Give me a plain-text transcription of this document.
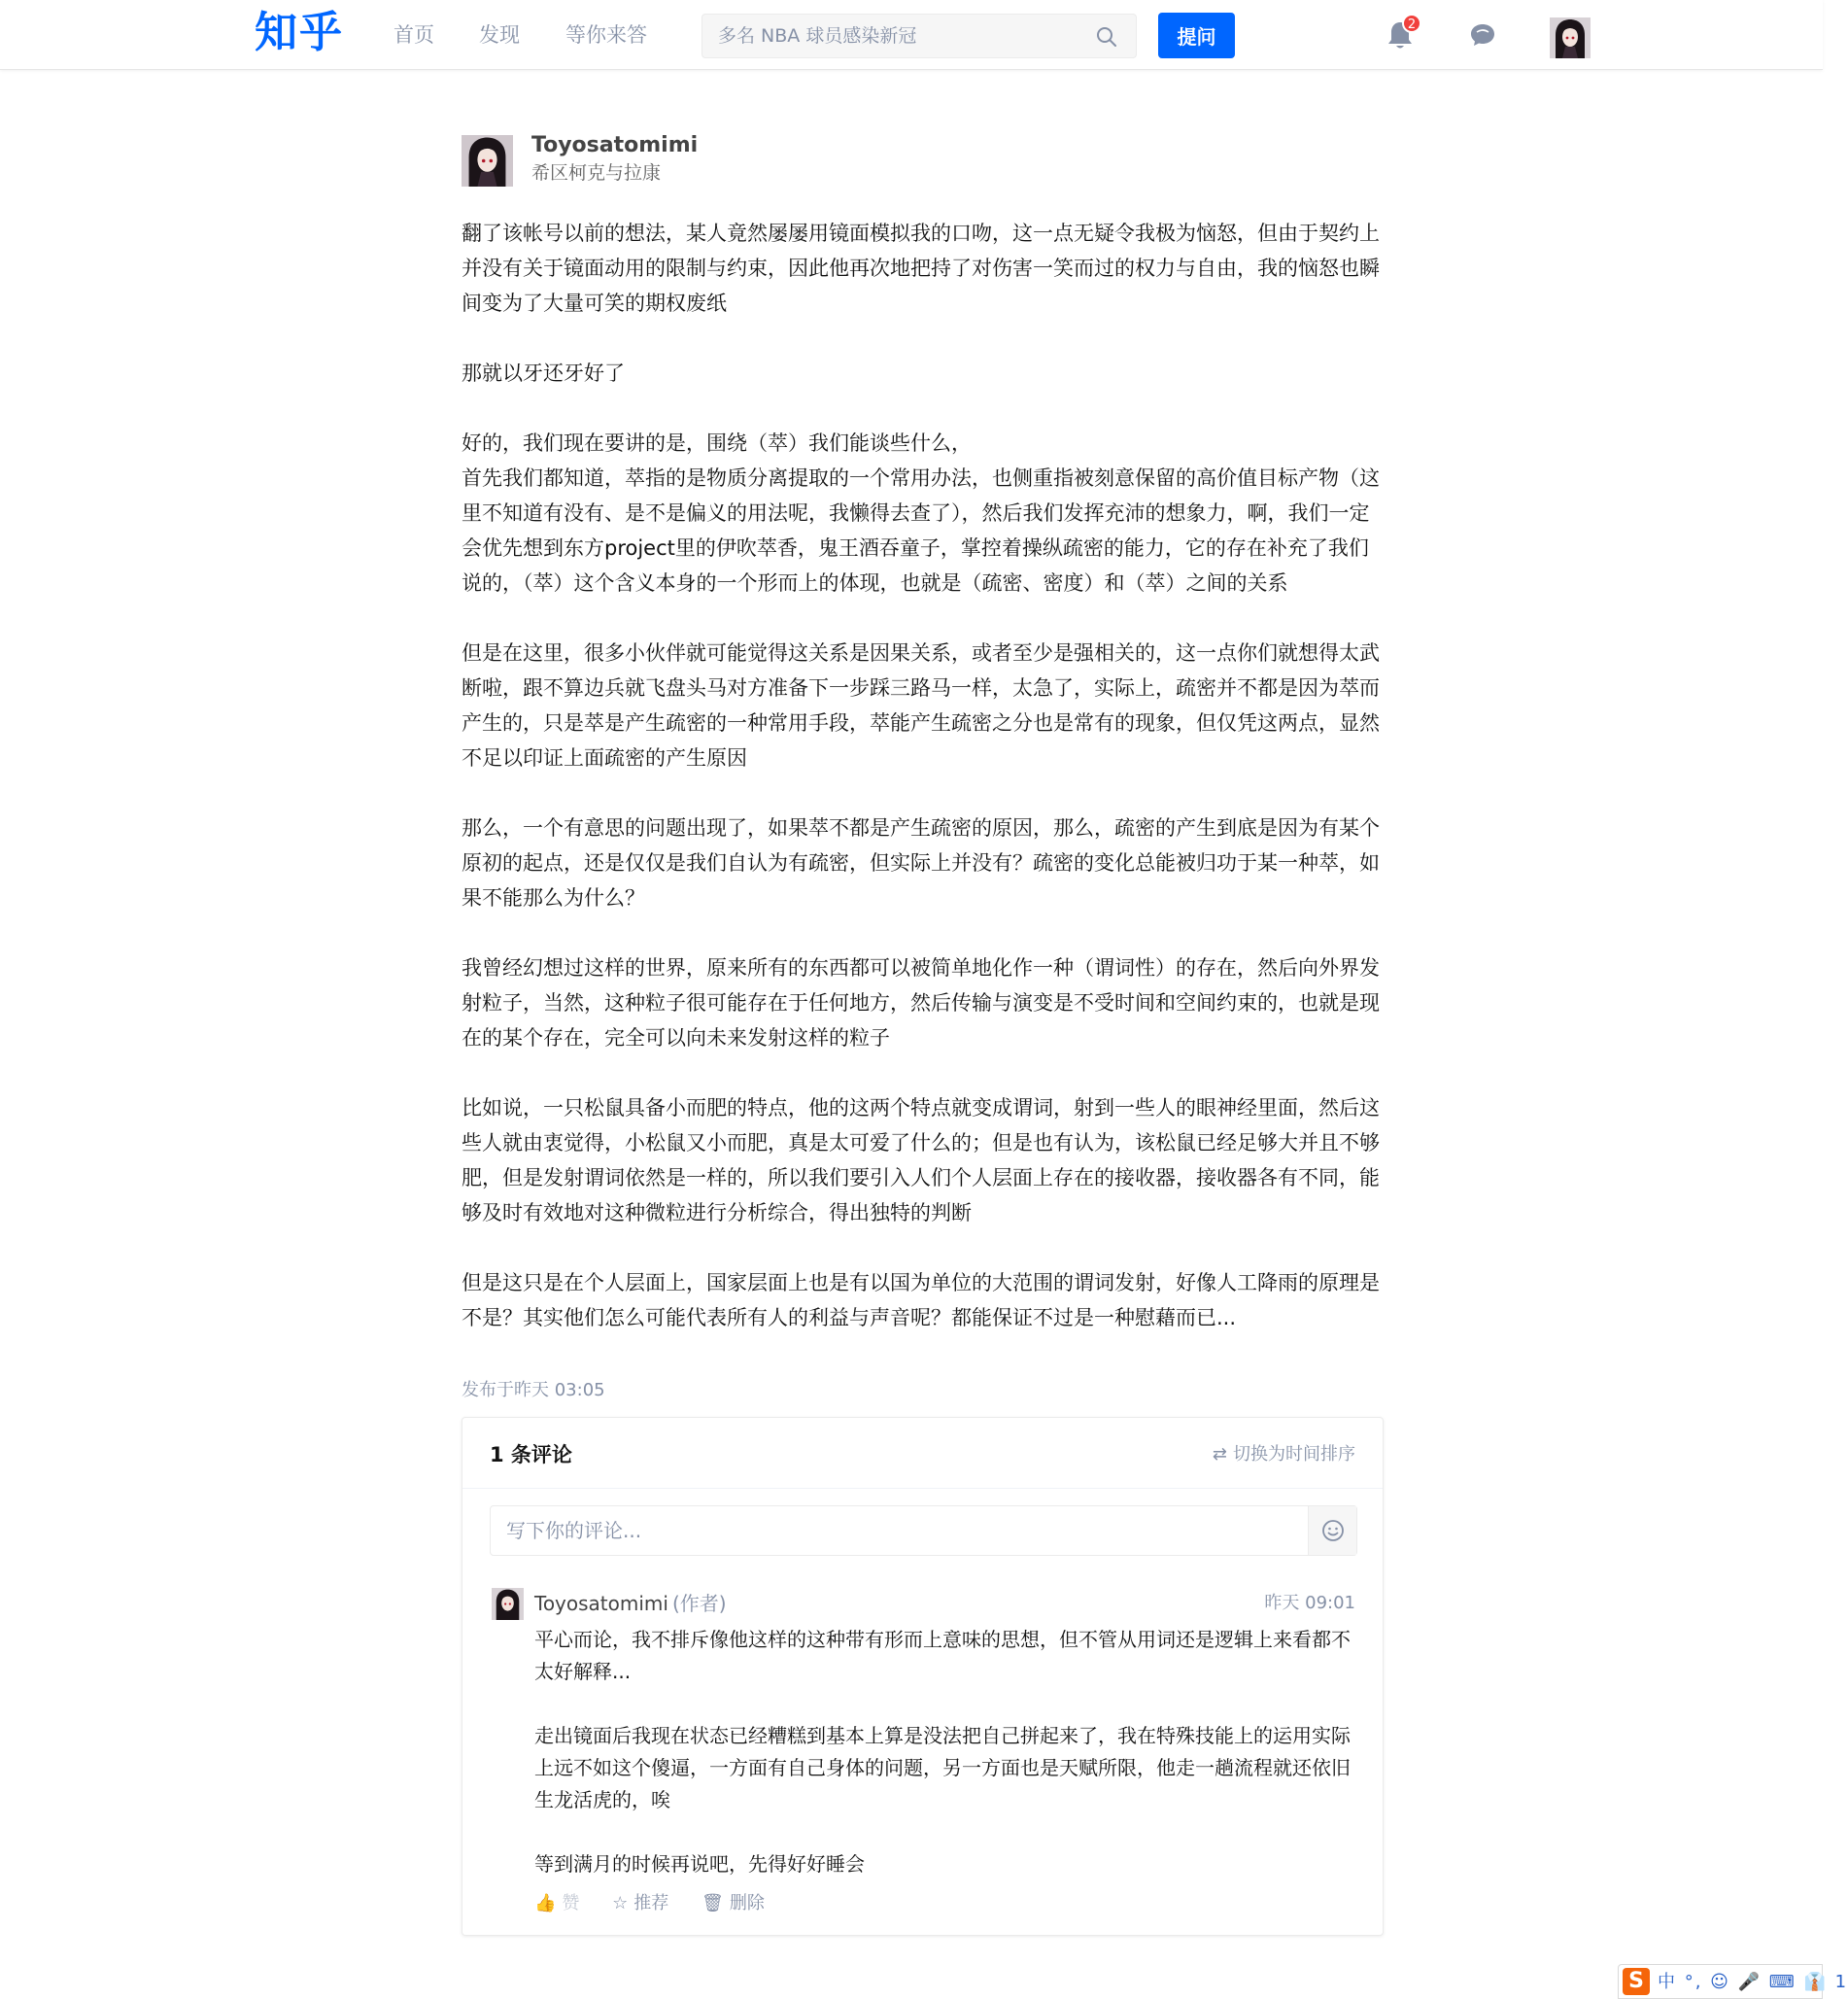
知乎 首页 发现 等你来答
多名 NBA 球员感染新冠	提问
2
Toyosatomimi
希区柯克与拉康
翻了该帐号以前的想法，某人竟然屡屡用镜面模拟我的口吻，这一点无疑令我极为恼怒，但由于契约上并没有关于镜面动用的限制与约束，因此他再次地把持了对伤害一笑而过的权力与自由，我的恼怒也瞬间变为了大量可笑的期权废纸
那就以牙还牙好了
好的，我们现在要讲的是，围绕（萃）我们能谈些什么，
首先我们都知道，萃指的是物质分离提取的一个常用办法，也侧重指被刻意保留的高价值目标产物（这里不知道有没有、是不是偏义的用法呢，我懒得去查了），然后我们发挥充沛的想象力，啊，我们一定会优先想到东方project里的伊吹萃香，鬼王酒吞童子，掌控着操纵疏密的能力，它的存在补充了我们说的，（萃）这个含义本身的一个形而上的体现，也就是（疏密、密度）和（萃）之间的关系
但是在这里，很多小伙伴就可能觉得这关系是因果关系，或者至少是强相关的，这一点你们就想得太武断啦，跟不算边兵就飞盘头马对方准备下一步踩三路马一样，太急了，实际上，疏密并不都是因为萃而产生的，只是萃是产生疏密的一种常用手段，萃能产生疏密之分也是常有的现象，但仅凭这两点，显然不足以印证上面疏密的产生原因
那么，一个有意思的问题出现了，如果萃不都是产生疏密的原因，那么，疏密的产生到底是因为有某个原初的起点，还是仅仅是我们自认为有疏密，但实际上并没有？疏密的变化总能被归功于某一种萃，如果不能那么为什么？
我曾经幻想过这样的世界，原来所有的东西都可以被简单地化作一种（谓词性）的存在，然后向外界发射粒子，当然，这种粒子很可能存在于任何地方，然后传输与演变是不受时间和空间约束的，也就是现在的某个存在，完全可以向未来发射这样的粒子
比如说，一只松鼠具备小而肥的特点，他的这两个特点就变成谓词，射到一些人的眼神经里面，然后这些人就由衷觉得，小松鼠又小而肥，真是太可爱了什么的；但是也有认为，该松鼠已经足够大并且不够肥，但是发射谓词依然是一样的，所以我们要引入人们个人层面上存在的接收器，接收器各有不同，能够及时有效地对这种微粒进行分析综合，得出独特的判断
但是这只是在个人层面上，国家层面上也是有以国为单位的大范围的谓词发射，好像人工降雨的原理是不是？其实他们怎么可能代表所有人的利益与声音呢？都能保证不过是一种慰藉而已...
发布于昨天 03:05
1 条评论	⇄ 切换为时间排序
写下你的评论...
Toyosatomimi (作者)	昨天 09:01
平心而论，我不排斥像他这样的这种带有形而上意味的思想，但不管从用词还是逻辑上来看都不太好解释...
走出镜面后我现在状态已经糟糕到基本上算是没法把自己拼起来了，我在特殊技能上的运用实际上远不如这个傻逼，一方面有自己身体的问题，另一方面也是天赋所限，他走一趟流程就还依旧生龙活虎的，唉
等到满月的时候再说吧，先得好好睡会
👍 赞 ☆ 推荐 🗑 删除
S 中 °, ☺ 🎤 ⌨ 👔 1
